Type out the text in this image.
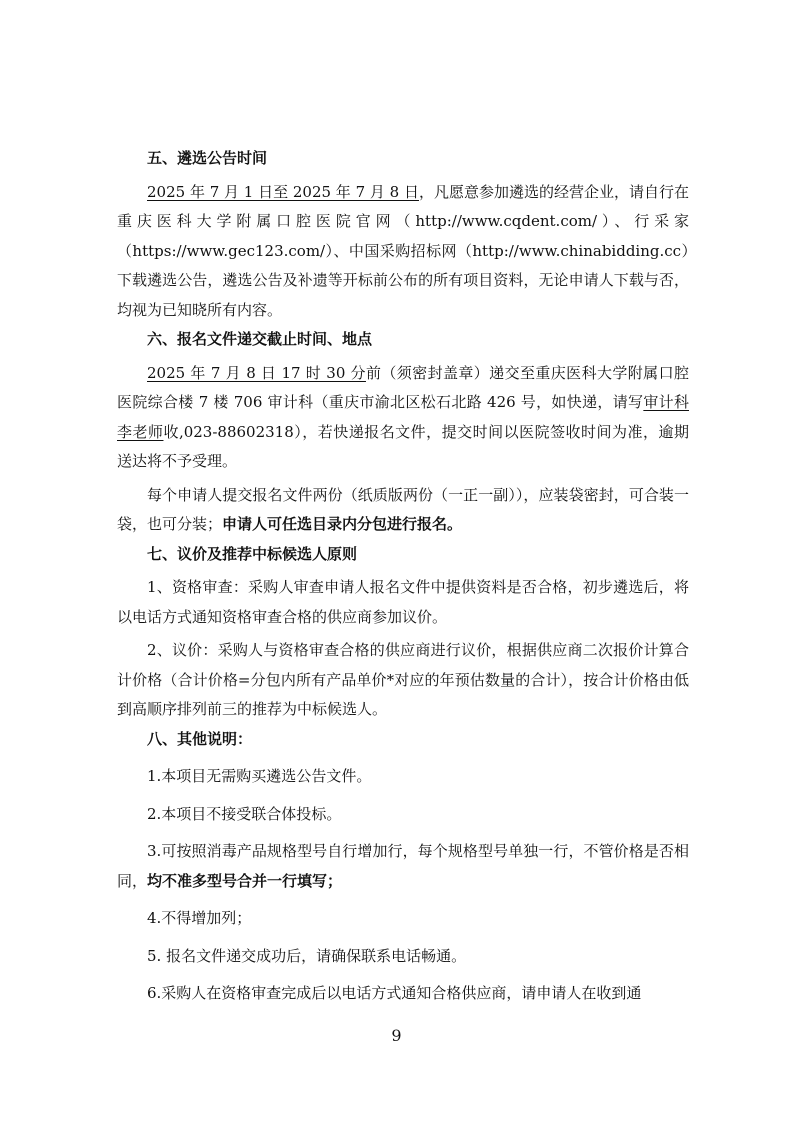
五、遴选公告时间

2025 年 7 月 1 日至 2025 年 7 月 8 日，凡愿意参加遴选的经营企业，请自行在重庆医科大学附属口腔医院官网（http://www.cqdent.com/）、行采家（https://www.gec123.com/）、中国采购招标网（http://www.chinabidding.cc）下载遴选公告，遴选公告及补遗等开标前公布的所有项目资料，无论申请人下载与否，均视为已知晓所有内容。

六、报名文件递交截止时间、地点

2025 年 7 月 8 日 17 时 30 分前（须密封盖章）递交至重庆医科大学附属口腔医院综合楼 7 楼 706 审计科（重庆市渝北区松石北路 426 号，如快递，请写审计科 李老师收,023-88602318），若快递报名文件，提交时间以医院签收时间为准，逾期送达将不予受理。

每个申请人提交报名文件两份（纸质版两份（一正一副）），应装袋密封，可合装一袋，也可分装；申请人可任选目录内分包进行报名。

七、议价及推荐中标候选人原则

1、资格审查：采购人审查申请人报名文件中提供资料是否合格，初步遴选后，将以电话方式通知资格审查合格的供应商参加议价。

2、议价：采购人与资格审查合格的供应商进行议价，根据供应商二次报价计算合计价格（合计价格=分包内所有产品单价*对应的年预估数量的合计），按合计价格由低到高顺序排列前三的推荐为中标候选人。

八、其他说明：

1.本项目无需购买遴选公告文件。

2.本项目不接受联合体投标。

3.可按照消毒产品规格型号自行增加行，每个规格型号单独一行，不管价格是否相同，均不准多型号合并一行填写；

4.不得增加列；

5. 报名文件递交成功后，请确保联系电话畅通。

6.采购人在资格审查完成后以电话方式通知合格供应商，请申请人在收到通

9
